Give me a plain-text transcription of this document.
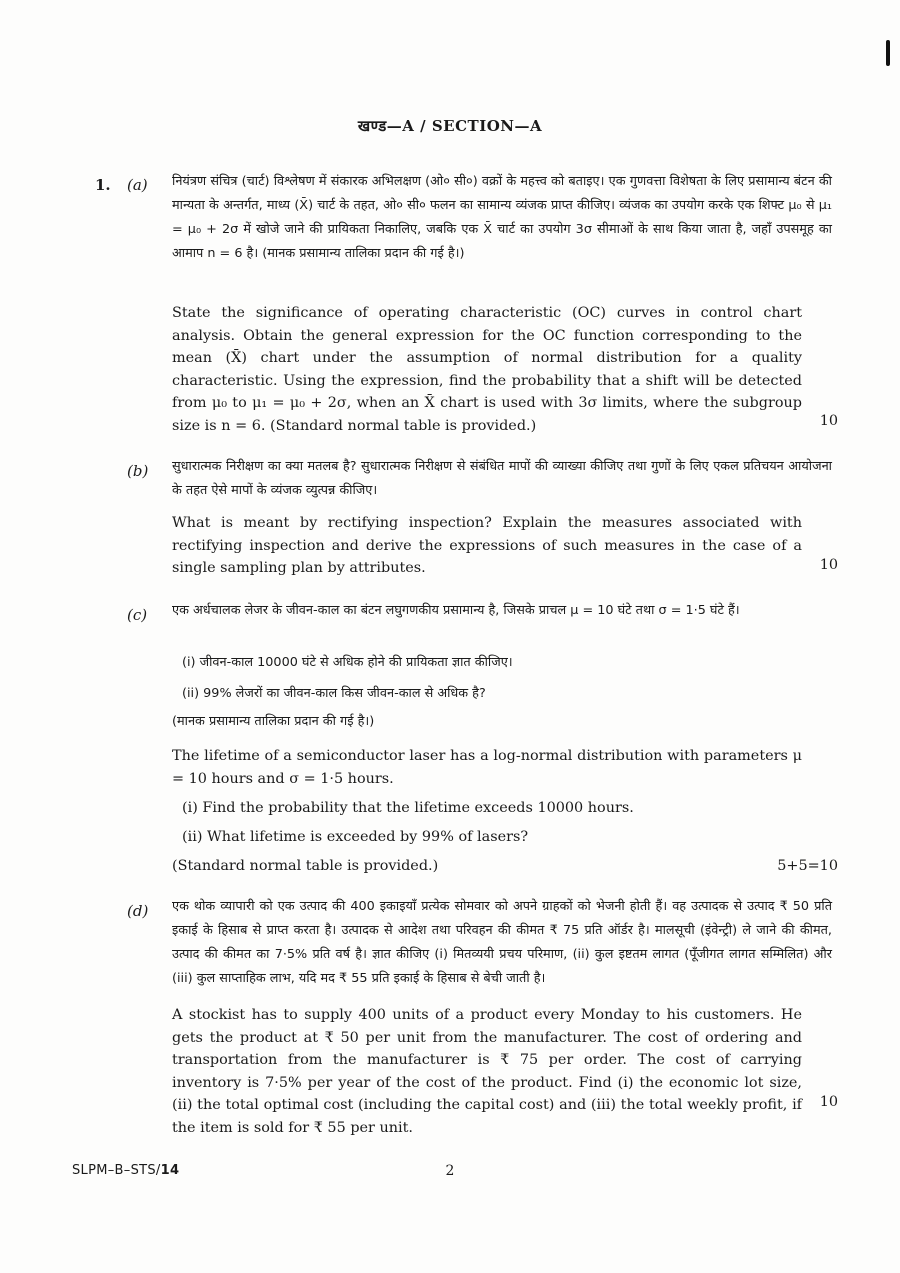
खण्ड—A / SECTION—A
1. (a) नियंत्रण संचित्र (चार्ट) विश्लेषण में संकारक अभिलक्षण (ओ० सी०) वक्रों के महत्त्व को बताइए। एक गुणवत्ता विशेषता के लिए प्रसामान्य बंटन की मान्यता के अन्तर्गत, माध्य (X̄) चार्ट के तहत, ओ० सी० फलन का सामान्य व्यंजक प्राप्त कीजिए। व्यंजक का उपयोग करके एक शिफ्ट μ₀ से μ₁ = μ₀ + 2σ में खोजे जाने की प्रायिकता निकालिए, जबकि एक X̄ चार्ट का उपयोग 3σ सीमाओं के साथ किया जाता है, जहाँ उपसमूह का आमाप n = 6 है। (मानक प्रसामान्य तालिका प्रदान की गई है।)
State the significance of operating characteristic (OC) curves in control chart analysis. Obtain the general expression for the OC function corresponding to the mean (X̄) chart under the assumption of normal distribution for a quality characteristic. Using the expression, find the probability that a shift will be detected from μ₀ to μ₁ = μ₀ + 2σ, when an X̄ chart is used with 3σ limits, where the subgroup size is n = 6. (Standard normal table is provided.)	10
(b) सुधारात्मक निरीक्षण का क्या मतलब है? सुधारात्मक निरीक्षण से संबंधित मापों की व्याख्या कीजिए तथा गुणों के लिए एकल प्रतिचयन आयोजना के तहत ऐसे मापों के व्यंजक व्युत्पन्न कीजिए।
What is meant by rectifying inspection? Explain the measures associated with rectifying inspection and derive the expressions of such measures in the case of a single sampling plan by attributes.	10
(c) एक अर्धचालक लेजर के जीवन-काल का बंटन लघुगणकीय प्रसामान्य है, जिसके प्राचल μ = 10 घंटे तथा σ = 1·5 घंटे हैं।
(i) जीवन-काल 10000 घंटे से अधिक होने की प्रायिकता ज्ञात कीजिए।
(ii) 99% लेजरों का जीवन-काल किस जीवन-काल से अधिक है?
(मानक प्रसामान्य तालिका प्रदान की गई है।)
The lifetime of a semiconductor laser has a log-normal distribution with parameters μ = 10 hours and σ = 1·5 hours.
(i) Find the probability that the lifetime exceeds 10000 hours.
(ii) What lifetime is exceeded by 99% of lasers?
(Standard normal table is provided.)	5+5=10
(d) एक थोक व्यापारी को एक उत्पाद की 400 इकाइयाँ प्रत्येक सोमवार को अपने ग्राहकों को भेजनी होती हैं। वह उत्पादक से उत्पाद ₹ 50 प्रति इकाई के हिसाब से प्राप्त करता है। उत्पादक से आदेश तथा परिवहन की कीमत ₹ 75 प्रति ऑर्डर है। मालसूची (इंवेन्ट्री) ले जाने की कीमत, उत्पाद की कीमत का 7·5% प्रति वर्ष है। ज्ञात कीजिए (i) मितव्ययी प्रचय परिमाण, (ii) कुल इष्टतम लागत (पूँजीगत लागत सम्मिलित) और (iii) कुल साप्ताहिक लाभ, यदि मद ₹ 55 प्रति इकाई के हिसाब से बेची जाती है।
A stockist has to supply 400 units of a product every Monday to his customers. He gets the product at ₹ 50 per unit from the manufacturer. The cost of ordering and transportation from the manufacturer is ₹ 75 per order. The cost of carrying inventory is 7·5% per year of the cost of the product. Find (i) the economic lot size, (ii) the total optimal cost (including the capital cost) and (iii) the total weekly profit, if the item is sold for ₹ 55 per unit.
10
SLPM–B–STS/14	2
